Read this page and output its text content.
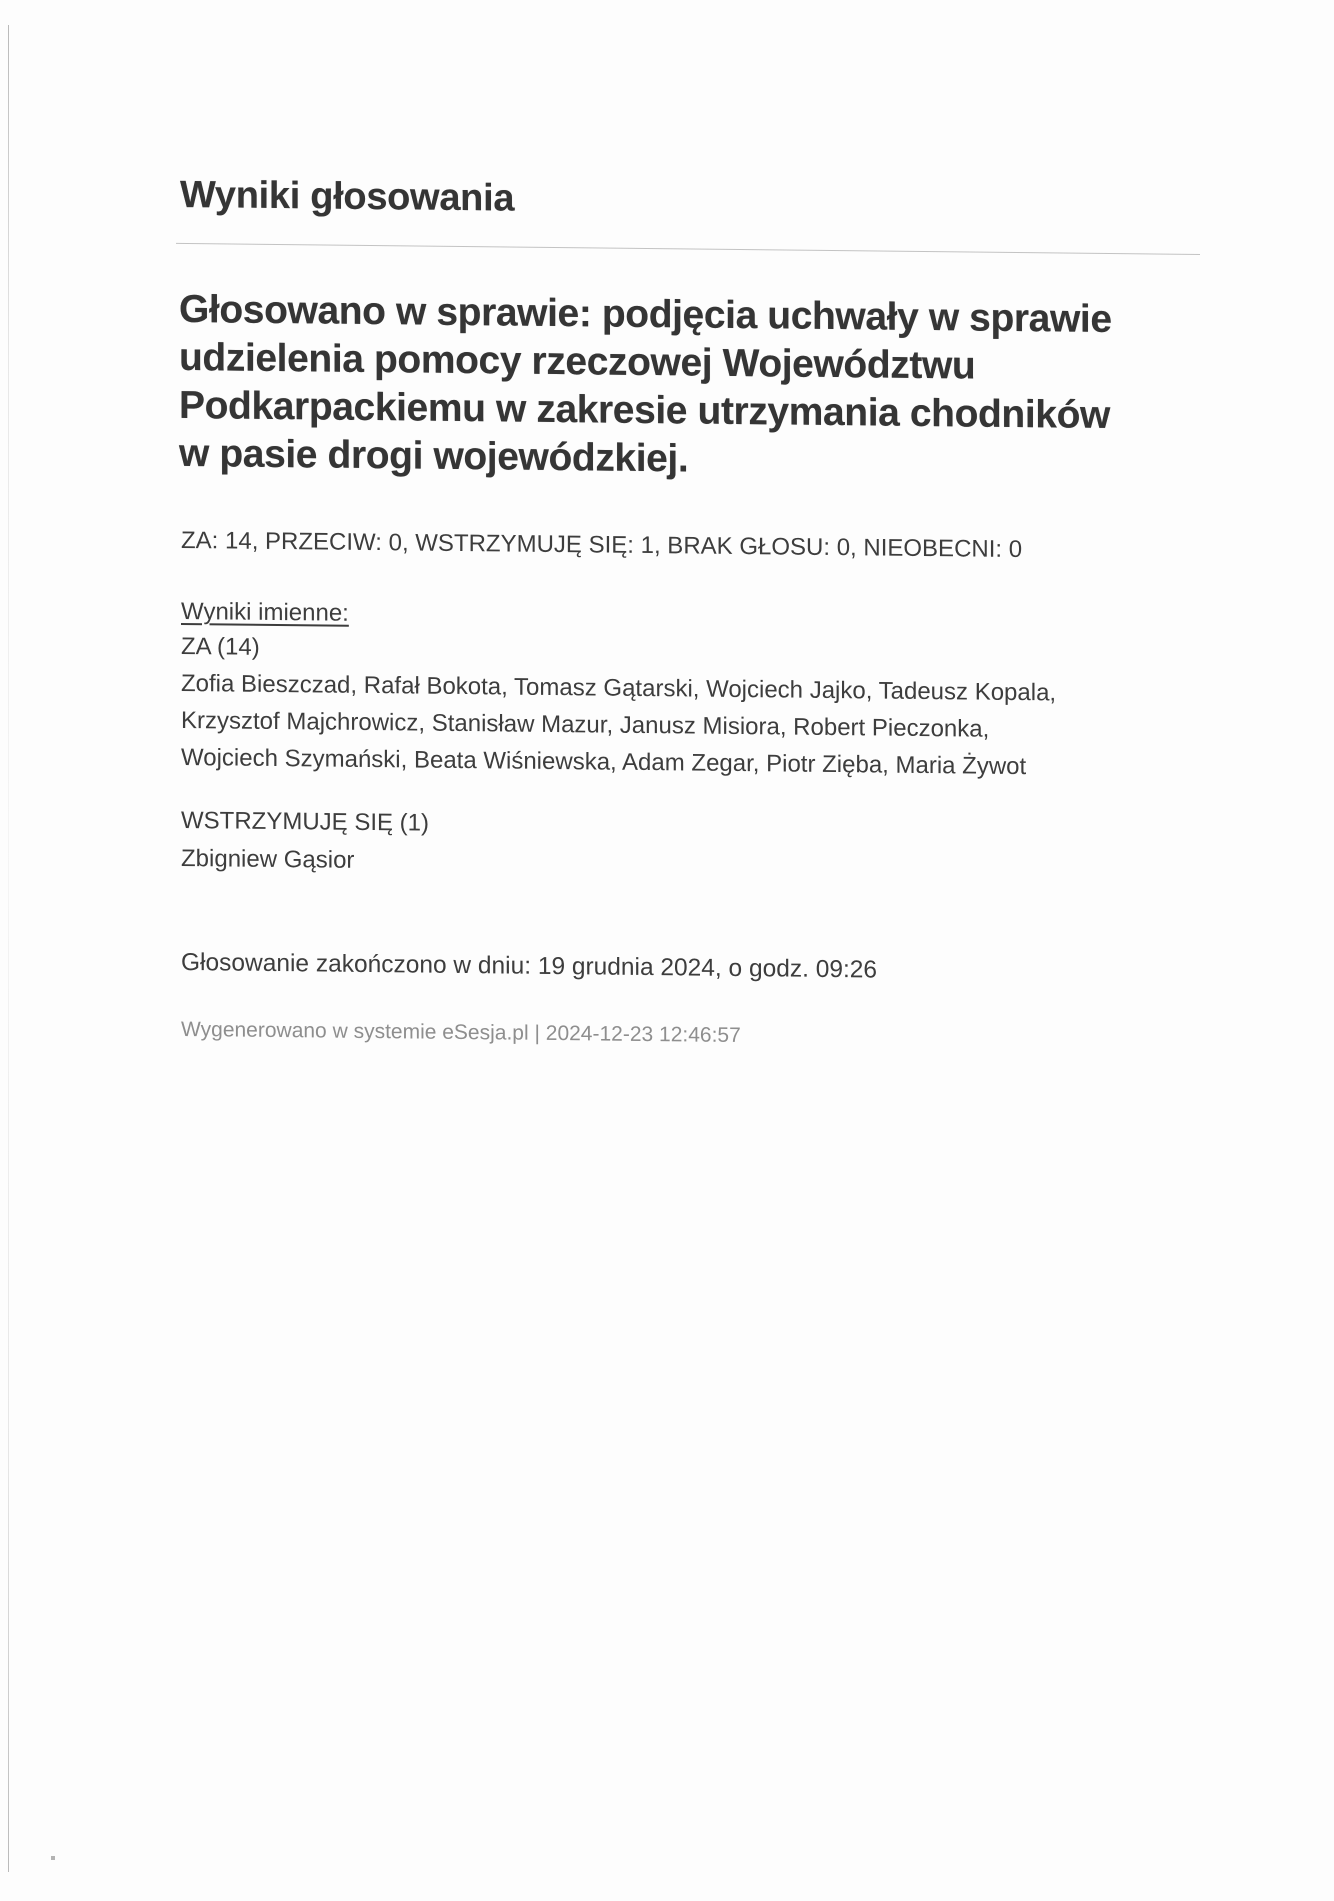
Wyniki głosowania
Głosowano w sprawie: podjęcia uchwały w sprawie
udzielenia pomocy rzeczowej Województwu
Podkarpackiemu w zakresie utrzymania chodników
w pasie drogi wojewódzkiej.
ZA: 14, PRZECIW: 0, WSTRZYMUJĘ SIĘ: 1, BRAK GŁOSU: 0, NIEOBECNI: 0
Wyniki imienne:
ZA (14)
Zofia Bieszczad, Rafał Bokota, Tomasz Gątarski, Wojciech Jajko, Tadeusz Kopala,
Krzysztof Majchrowicz, Stanisław Mazur, Janusz Misiora, Robert Pieczonka,
Wojciech Szymański, Beata Wiśniewska, Adam Zegar, Piotr Zięba, Maria Żywot
WSTRZYMUJĘ SIĘ (1)
Zbigniew Gąsior
Głosowanie zakończono w dniu: 19 grudnia 2024, o godz. 09:26
Wygenerowano w systemie eSesja.pl | 2024-12-23 12:46:57
